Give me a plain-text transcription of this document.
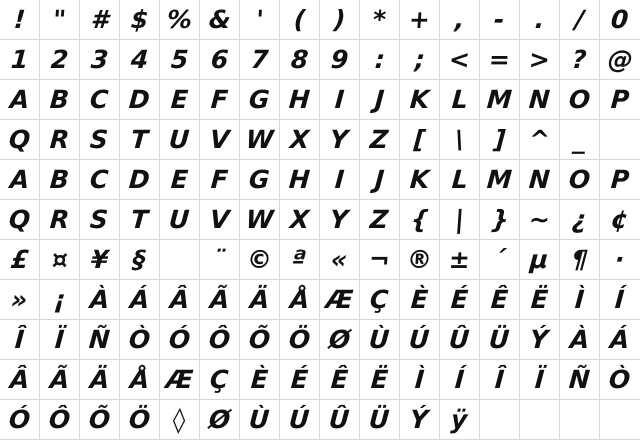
! " # $ % & ' ( ) * + , - . / 0
1 2 3 4 5 6 7 8 9 : ; < = > ? @
A B C D E F G H I J K L M N O P
Q R S T U V W X Y Z [ \ ] ^ _
A B C D E F G H I J K L M N O P
Q R S T U V W X Y Z { | } ~ ¿ ¢
£ ¤ ¥ §	¨ © ª « ¬ ® ± ´ µ ¶ ·
» ¡ À Á Â Ã Ä Å Æ Ç È É Ê Ë Ì Í
Î Ï Ñ Ò Ó Ô Õ Ö Ø Ù Ú Û Ü Ý À Á
Â Ã Ä Å Æ Ç È É Ê Ë Ì Í Î Ï Ñ Ò
Ó Ô Õ Ö ◊ Ø Ù Ú Û Ü Ý ÿ
